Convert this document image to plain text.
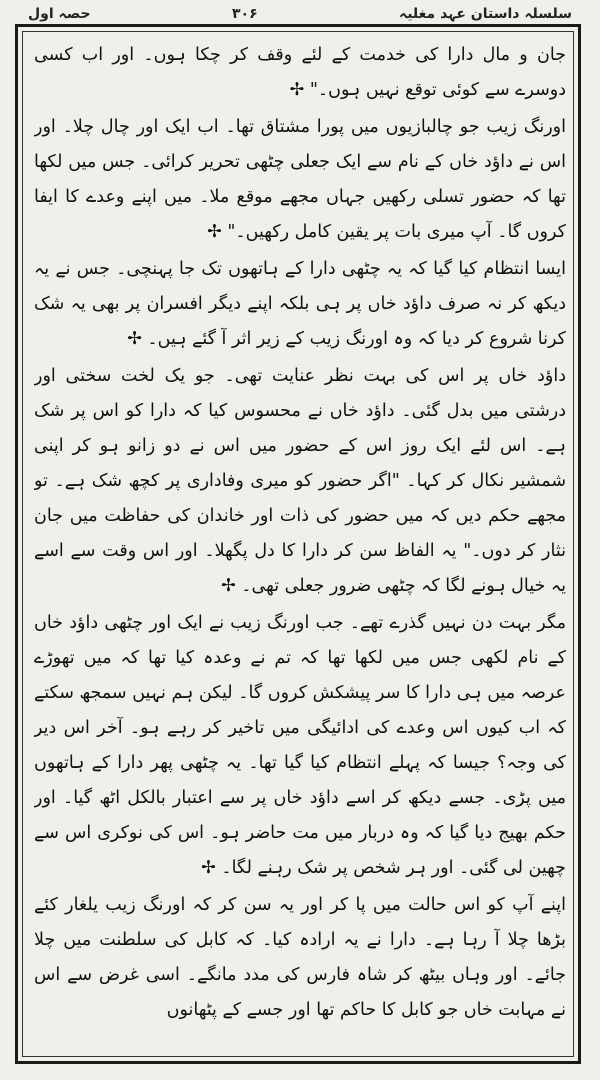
سلسلہ داستان عہد مغلیہ
۳۰۶
حصہ اول

جان و مال دارا کی خدمت کے لئے وقف کر چکا ہوں۔ اور اب کسی دوسرے سے کوئی توقع نہیں ہوں۔" ✢

اورنگ زیب جو چالبازیوں میں پورا مشتاق تھا۔ اب ایک اور چال چلا۔ اور اس نے داؤد خاں کے نام سے ایک جعلی چٹھی تحریر کرائی۔ جس میں لکھا تھا کہ حضور تسلی رکھیں جہاں مجھے موقع ملا۔ میں اپنے وعدے کا ایفا کروں گا۔ آپ میری بات پر یقین کامل رکھیں۔" ✢

ایسا انتظام کیا گیا کہ یہ چٹھی دارا کے ہاتھوں تک جا پہنچی۔ جس نے یہ دیکھ کر نہ صرف داؤد خاں پر ہی بلکہ اپنے دیگر افسران پر بھی یہ شک کرنا شروع کر دیا کہ وہ اورنگ زیب کے زیر اثر آ گئے ہیں۔ ✢

داؤد خاں پر اس کی بہت نظر عنایت تھی۔ جو یک لخت سختی اور درشتی میں بدل گئی۔ داؤد خاں نے محسوس کیا کہ دارا کو اس پر شک ہے۔ اس لئے ایک روز اس کے حضور میں اس نے دو زانو ہو کر اپنی شمشیر نکال کر کہا۔ "اگر حضور کو میری وفاداری پر کچھ شک ہے۔ تو مجھے حکم دیں کہ میں حضور کی ذات اور خاندان کی حفاظت میں جان نثار کر دوں۔" یہ الفاظ سن کر دارا کا دل پگھلا۔ اور اس وقت سے اسے یہ خیال ہونے لگا کہ چٹھی ضرور جعلی تھی۔ ✢

مگر بہت دن نہیں گذرے تھے۔ جب اورنگ زیب نے ایک اور چٹھی داؤد خاں کے نام لکھی جس میں لکھا تھا کہ تم نے وعدہ کیا تھا کہ میں تھوڑے عرصہ میں ہی دارا کا سر پیشکش کروں گا۔ لیکن ہم نہیں سمجھ سکتے کہ اب کیوں اس وعدے کی ادائیگی میں تاخیر کر رہے ہو۔ آخر اس دیر کی وجہ؟ جیسا کہ پہلے انتظام کیا گیا تھا۔ یہ چٹھی پھر دارا کے ہاتھوں میں پڑی۔ جسے دیکھ کر اسے داؤد خاں پر سے اعتبار بالکل اٹھ گیا۔ اور حکم بھیج دیا گیا کہ وہ دربار میں مت حاضر ہو۔ اس کی نوکری اس سے چھین لی گئی۔ اور ہر شخص پر شک رہنے لگا۔ ✢

اپنے آپ کو اس حالت میں پا کر اور یہ سن کر کہ اورنگ زیب یلغار کئے بڑھا چلا آ رہا ہے۔ دارا نے یہ ارادہ کیا۔ کہ کابل کی سلطنت میں چلا جائے۔ اور وہاں بیٹھ کر شاہ فارس کی مدد مانگے۔ اسی غرض سے اس نے مہابت خاں جو کابل کا حاکم تھا اور جسے کے پٹھانوں
